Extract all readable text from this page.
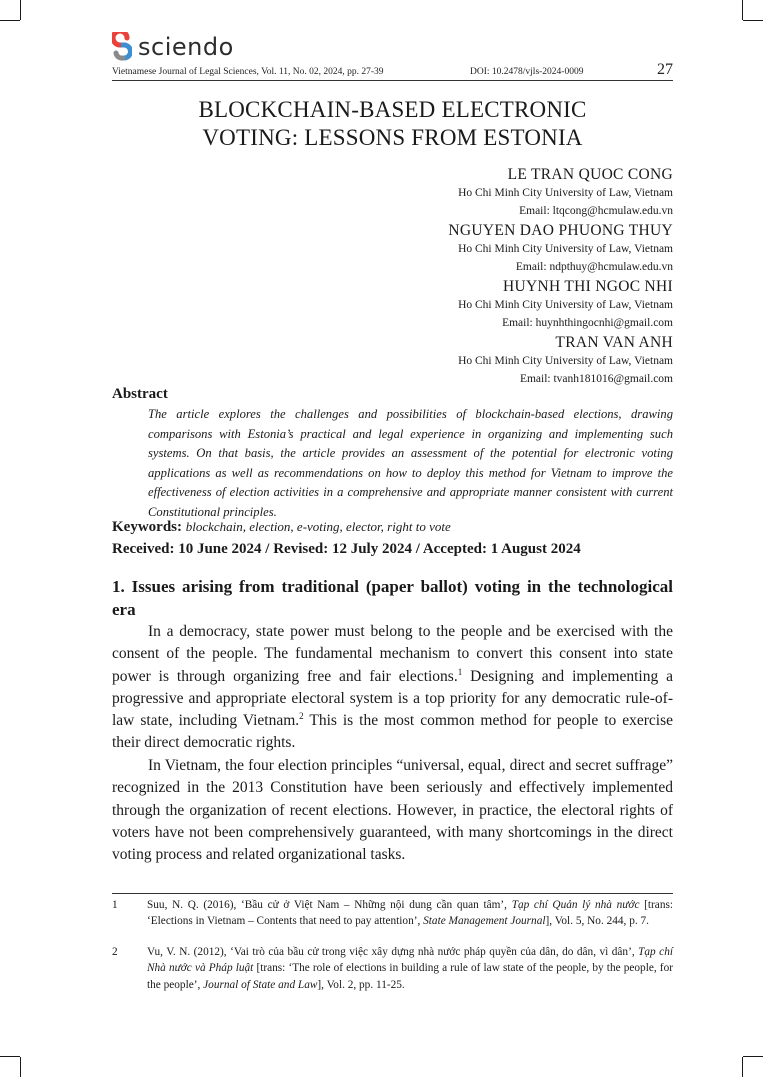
sciendo
Vietnamese Journal of Legal Sciences, Vol. 11, No. 02, 2024, pp. 27-39	DOI: 10.2478/vjls-2024-0009	27
BLOCKCHAIN-BASED ELECTRONIC
VOTING: LESSONS FROM ESTONIA
LE TRAN QUOC CONG
Ho Chi Minh City University of Law, Vietnam
Email: ltqcong@hcmulaw.edu.vn
NGUYEN DAO PHUONG THUY
Ho Chi Minh City University of Law, Vietnam
Email: ndpthuy@hcmulaw.edu.vn
HUYNH THI NGOC NHI
Ho Chi Minh City University of Law, Vietnam
Email: huynhthingocnhi@gmail.com
TRAN VAN ANH
Ho Chi Minh City University of Law, Vietnam
Email: tvanh181016@gmail.com
Abstract
The article explores the challenges and possibilities of blockchain-based elections, drawing comparisons with Estonia’s practical and legal experience in organizing and implementing such systems. On that basis, the article provides an assessment of the potential for electronic voting applications as well as recommendations on how to deploy this method for Vietnam to improve the effectiveness of election activities in a comprehensive and appropriate manner consistent with current Constitutional principles.
Keywords: blockchain, election, e-voting, elector, right to vote
Received: 10 June 2024 / Revised: 12 July 2024 / Accepted: 1 August 2024
1. Issues arising from traditional (paper ballot) voting in the technological era
In a democracy, state power must belong to the people and be exercised with the consent of the people. The fundamental mechanism to convert this consent into state power is through organizing free and fair elections.$^1$ Designing and implementing a progressive and appropriate electoral system is a top priority for any democratic rule-of-law state, including Vietnam.$^2$ This is the most common method for people to exercise their direct democratic rights.
In Vietnam, the four election principles “universal, equal, direct and secret suffrage” recognized in the 2013 Constitution have been seriously and effectively implemented through the organization of recent elections. However, in practice, the electoral rights of voters have not been comprehensively guaranteed, with many shortcomings in the direct voting process and related organizational tasks.
1	Suu, N. Q. (2016), ‘Bầu cử ở Việt Nam – Những nội dung cần quan tâm’, Tạp chí Quản lý nhà nước [trans: ‘Elections in Vietnam – Contents that need to pay attention’, State Management Journal], Vol. 5, No. 244, p. 7.
2	Vu, V. N. (2012), ‘Vai trò của bầu cử trong việc xây dựng nhà nước pháp quyền của dân, do dân, vì dân’, Tạp chí Nhà nước và Pháp luật [trans: ‘The role of elections in building a rule of law state of the people, by the people, for the people’, Journal of State and Law], Vol. 2, pp. 11-25.
